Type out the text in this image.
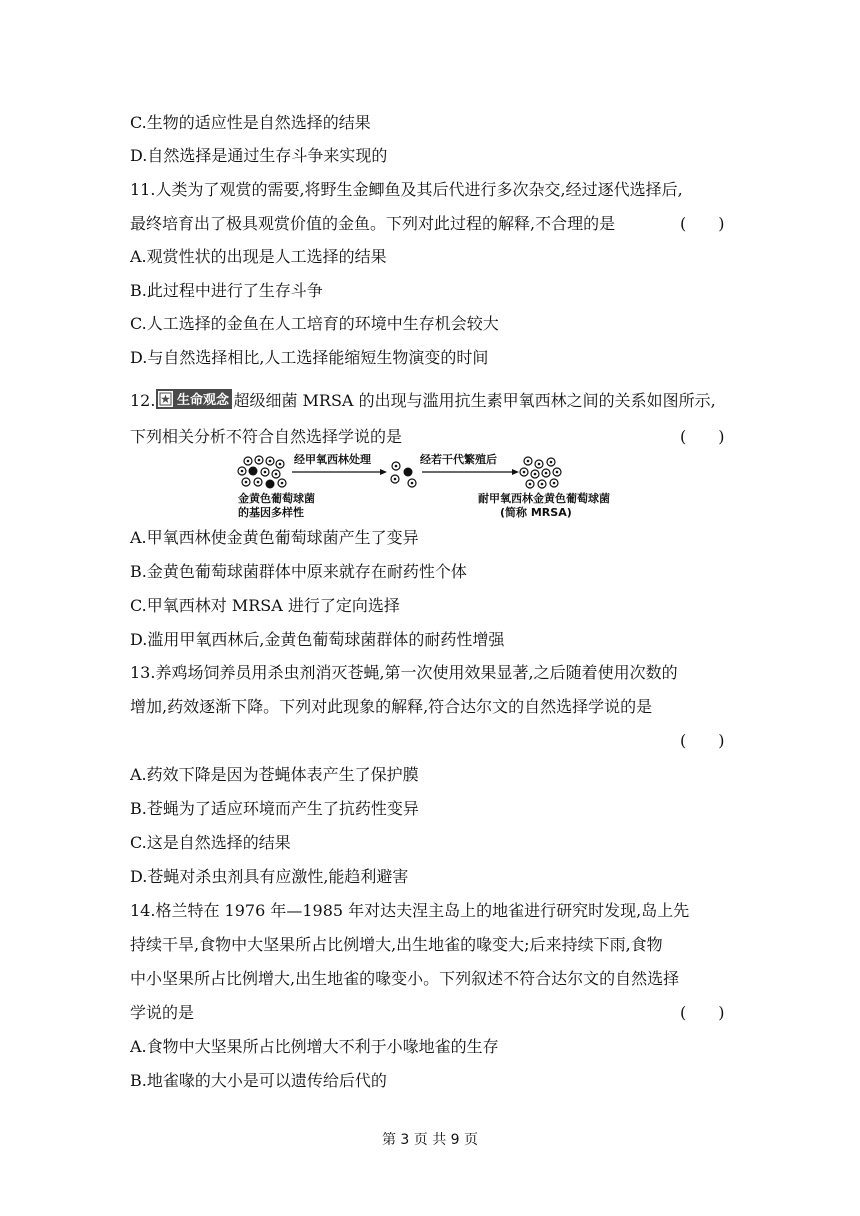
C.生物的适应性是自然选择的结果
D.自然选择是通过生存斗争来实现的
11.人类为了观赏的需要,将野生金鲫鱼及其后代进行多次杂交,经过逐代选择后,
最终培育出了极具观赏价值的金鱼。下列对此过程的解释,不合理的是	(　　)
A.观赏性状的出现是人工选择的结果
B.此过程中进行了生存斗争
C.人工选择的金鱼在人工培育的环境中生存机会较大
D.与自然选择相比,人工选择能缩短生物演变的时间
12. 生命观念 超级细菌 MRSA 的出现与滥用抗生素甲氧西林之间的关系如图所示,
下列相关分析不符合自然选择学说的是	(　　)
金黄色葡萄球菌
的基因多样性
经甲氧西林处理	经若干代繁殖后
耐甲氧西林金黄色葡萄球菌
(简称 MRSA)
A.甲氧西林使金黄色葡萄球菌产生了变异
B.金黄色葡萄球菌群体中原来就存在耐药性个体
C.甲氧西林对 MRSA 进行了定向选择
D.滥用甲氧西林后,金黄色葡萄球菌群体的耐药性增强
13.养鸡场饲养员用杀虫剂消灭苍蝇,第一次使用效果显著,之后随着使用次数的
增加,药效逐渐下降。下列对此现象的解释,符合达尔文的自然选择学说的是
(　　)
A.药效下降是因为苍蝇体表产生了保护膜
B.苍蝇为了适应环境而产生了抗药性变异
C.这是自然选择的结果
D.苍蝇对杀虫剂具有应激性,能趋利避害
14.格兰特在 1976 年—1985 年对达夫涅主岛上的地雀进行研究时发现,岛上先
持续干旱,食物中大坚果所占比例增大,出生地雀的喙变大;后来持续下雨,食物
中小坚果所占比例增大,出生地雀的喙变小。下列叙述不符合达尔文的自然选择
学说的是	(　　)
A.食物中大坚果所占比例增大不利于小喙地雀的生存
B.地雀喙的大小是可以遗传给后代的
第 3 页 共 9 页
